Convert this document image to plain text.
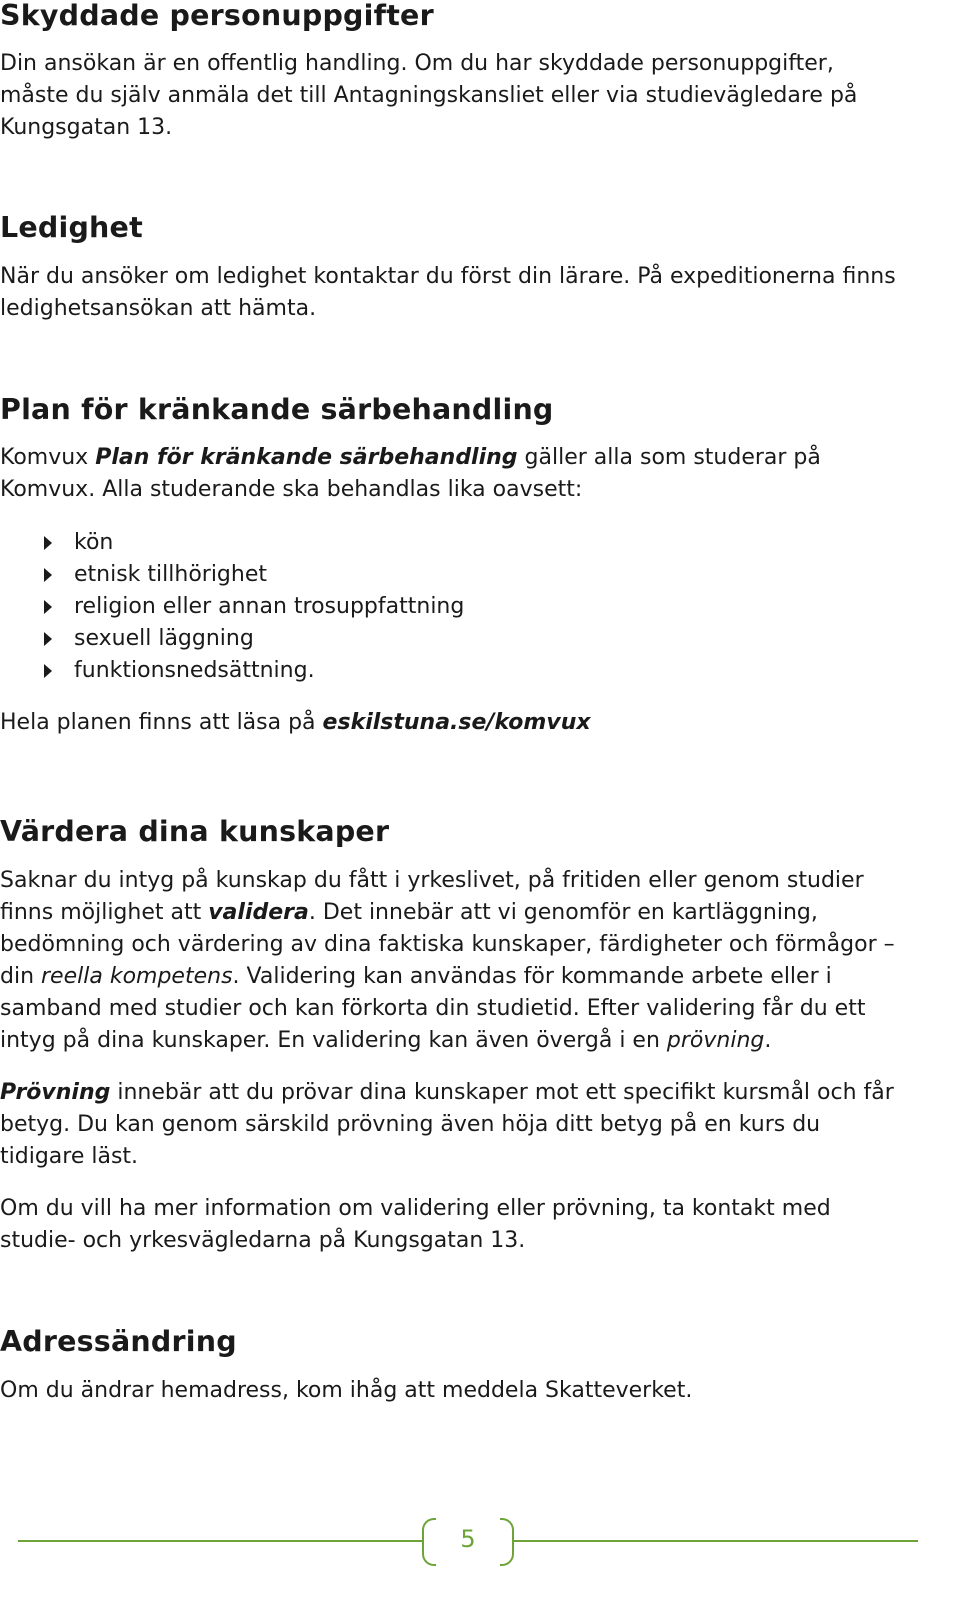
Skyddade personuppgifter

Din ansökan är en offentlig handling. Om du har skyddade personuppgifter,
måste du själv anmäla det till Antagningskansliet eller via studievägledare på
Kungsgatan 13.

Ledighet

När du ansöker om ledighet kontaktar du först din lärare. På expeditionerna finns
ledighetsansökan att hämta.

Plan för kränkande särbehandling

Komvux Plan för kränkande särbehandling gäller alla som studerar på
Komvux. Alla studerande ska behandlas lika oavsett:

kön
etnisk tillhörighet
religion eller annan trosuppfattning
sexuell läggning
funktionsnedsättning.

Hela planen finns att läsa på eskilstuna.se/komvux

Värdera dina kunskaper

Saknar du intyg på kunskap du fått i yrkeslivet, på fritiden eller genom studier
finns möjlighet att validera. Det innebär att vi genomför en kartläggning,
bedömning och värdering av dina faktiska kunskaper, färdigheter och förmågor –
din reella kompetens. Validering kan användas för kommande arbete eller i
samband med studier och kan förkorta din studietid. Efter validering får du ett
intyg på dina kunskaper. En validering kan även övergå i en prövning.

Prövning innebär att du prövar dina kunskaper mot ett specifikt kursmål och får
betyg. Du kan genom särskild prövning även höja ditt betyg på en kurs du
tidigare läst.

Om du vill ha mer information om validering eller prövning, ta kontakt med
studie- och yrkesvägledarna på Kungsgatan 13.

Adressändring

Om du ändrar hemadress, kom ihåg att meddela Skatteverket.

5
